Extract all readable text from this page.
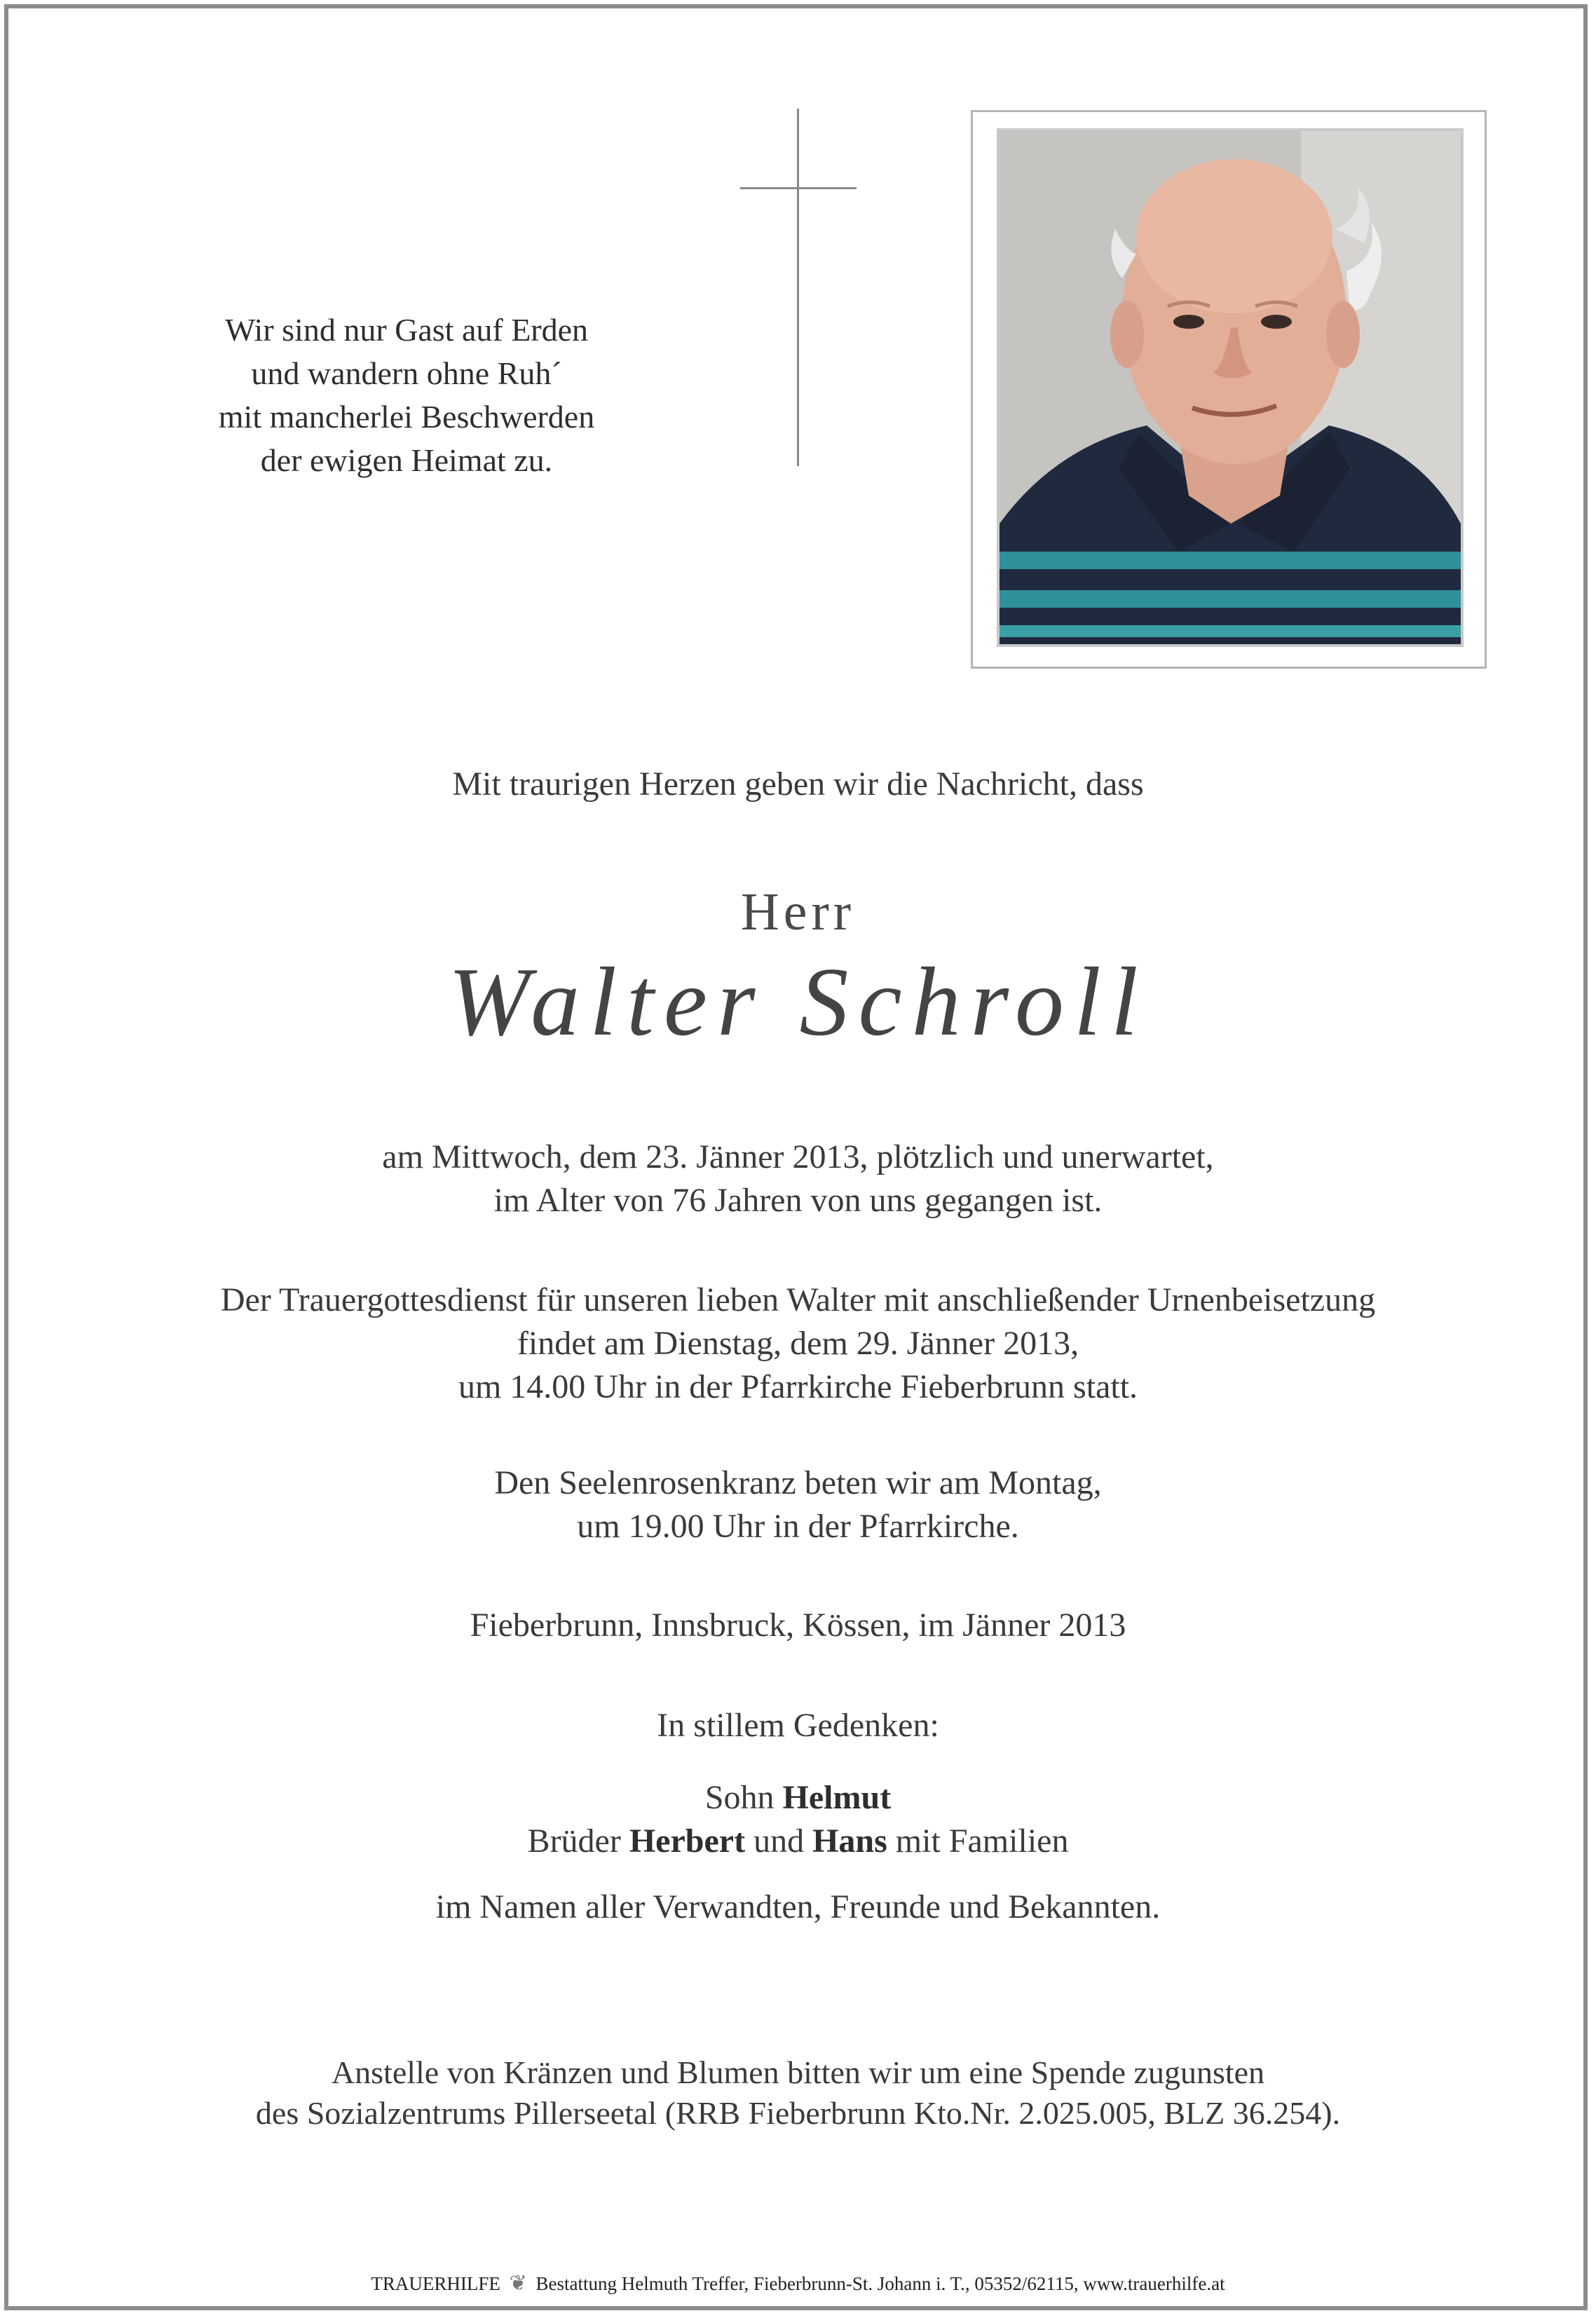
Wir sind nur Gast auf Erden
und wandern ohne Ruh´
mit mancherlei Beschwerden
der ewigen Heimat zu.
Mit traurigen Herzen geben wir die Nachricht, dass
Herr
Walter Schroll
am Mittwoch, dem 23. Jänner 2013, plötzlich und unerwartet,
im Alter von 76 Jahren von uns gegangen ist.
Der Trauergottesdienst für unseren lieben Walter mit anschließender Urnenbeisetzung
findet am Dienstag, dem 29. Jänner 2013,
um 14.00 Uhr in der Pfarrkirche Fieberbrunn statt.
Den Seelenrosenkranz beten wir am Montag,
um 19.00 Uhr in der Pfarrkirche.
Fieberbrunn, Innsbruck, Kössen, im Jänner 2013
In stillem Gedenken:
Sohn Helmut
Brüder Herbert und Hans mit Familien
im Namen aller Verwandten, Freunde und Bekannten.
Anstelle von Kränzen und Blumen bitten wir um eine Spende zugunsten
des Sozialzentrums Pillerseetal (RRB Fieberbrunn Kto.Nr. 2.025.005, BLZ 36.254).
TRAUERHILFE ❦ Bestattung Helmuth Treffer, Fieberbrunn-St. Johann i. T., 05352/62115, www.trauerhilfe.at
